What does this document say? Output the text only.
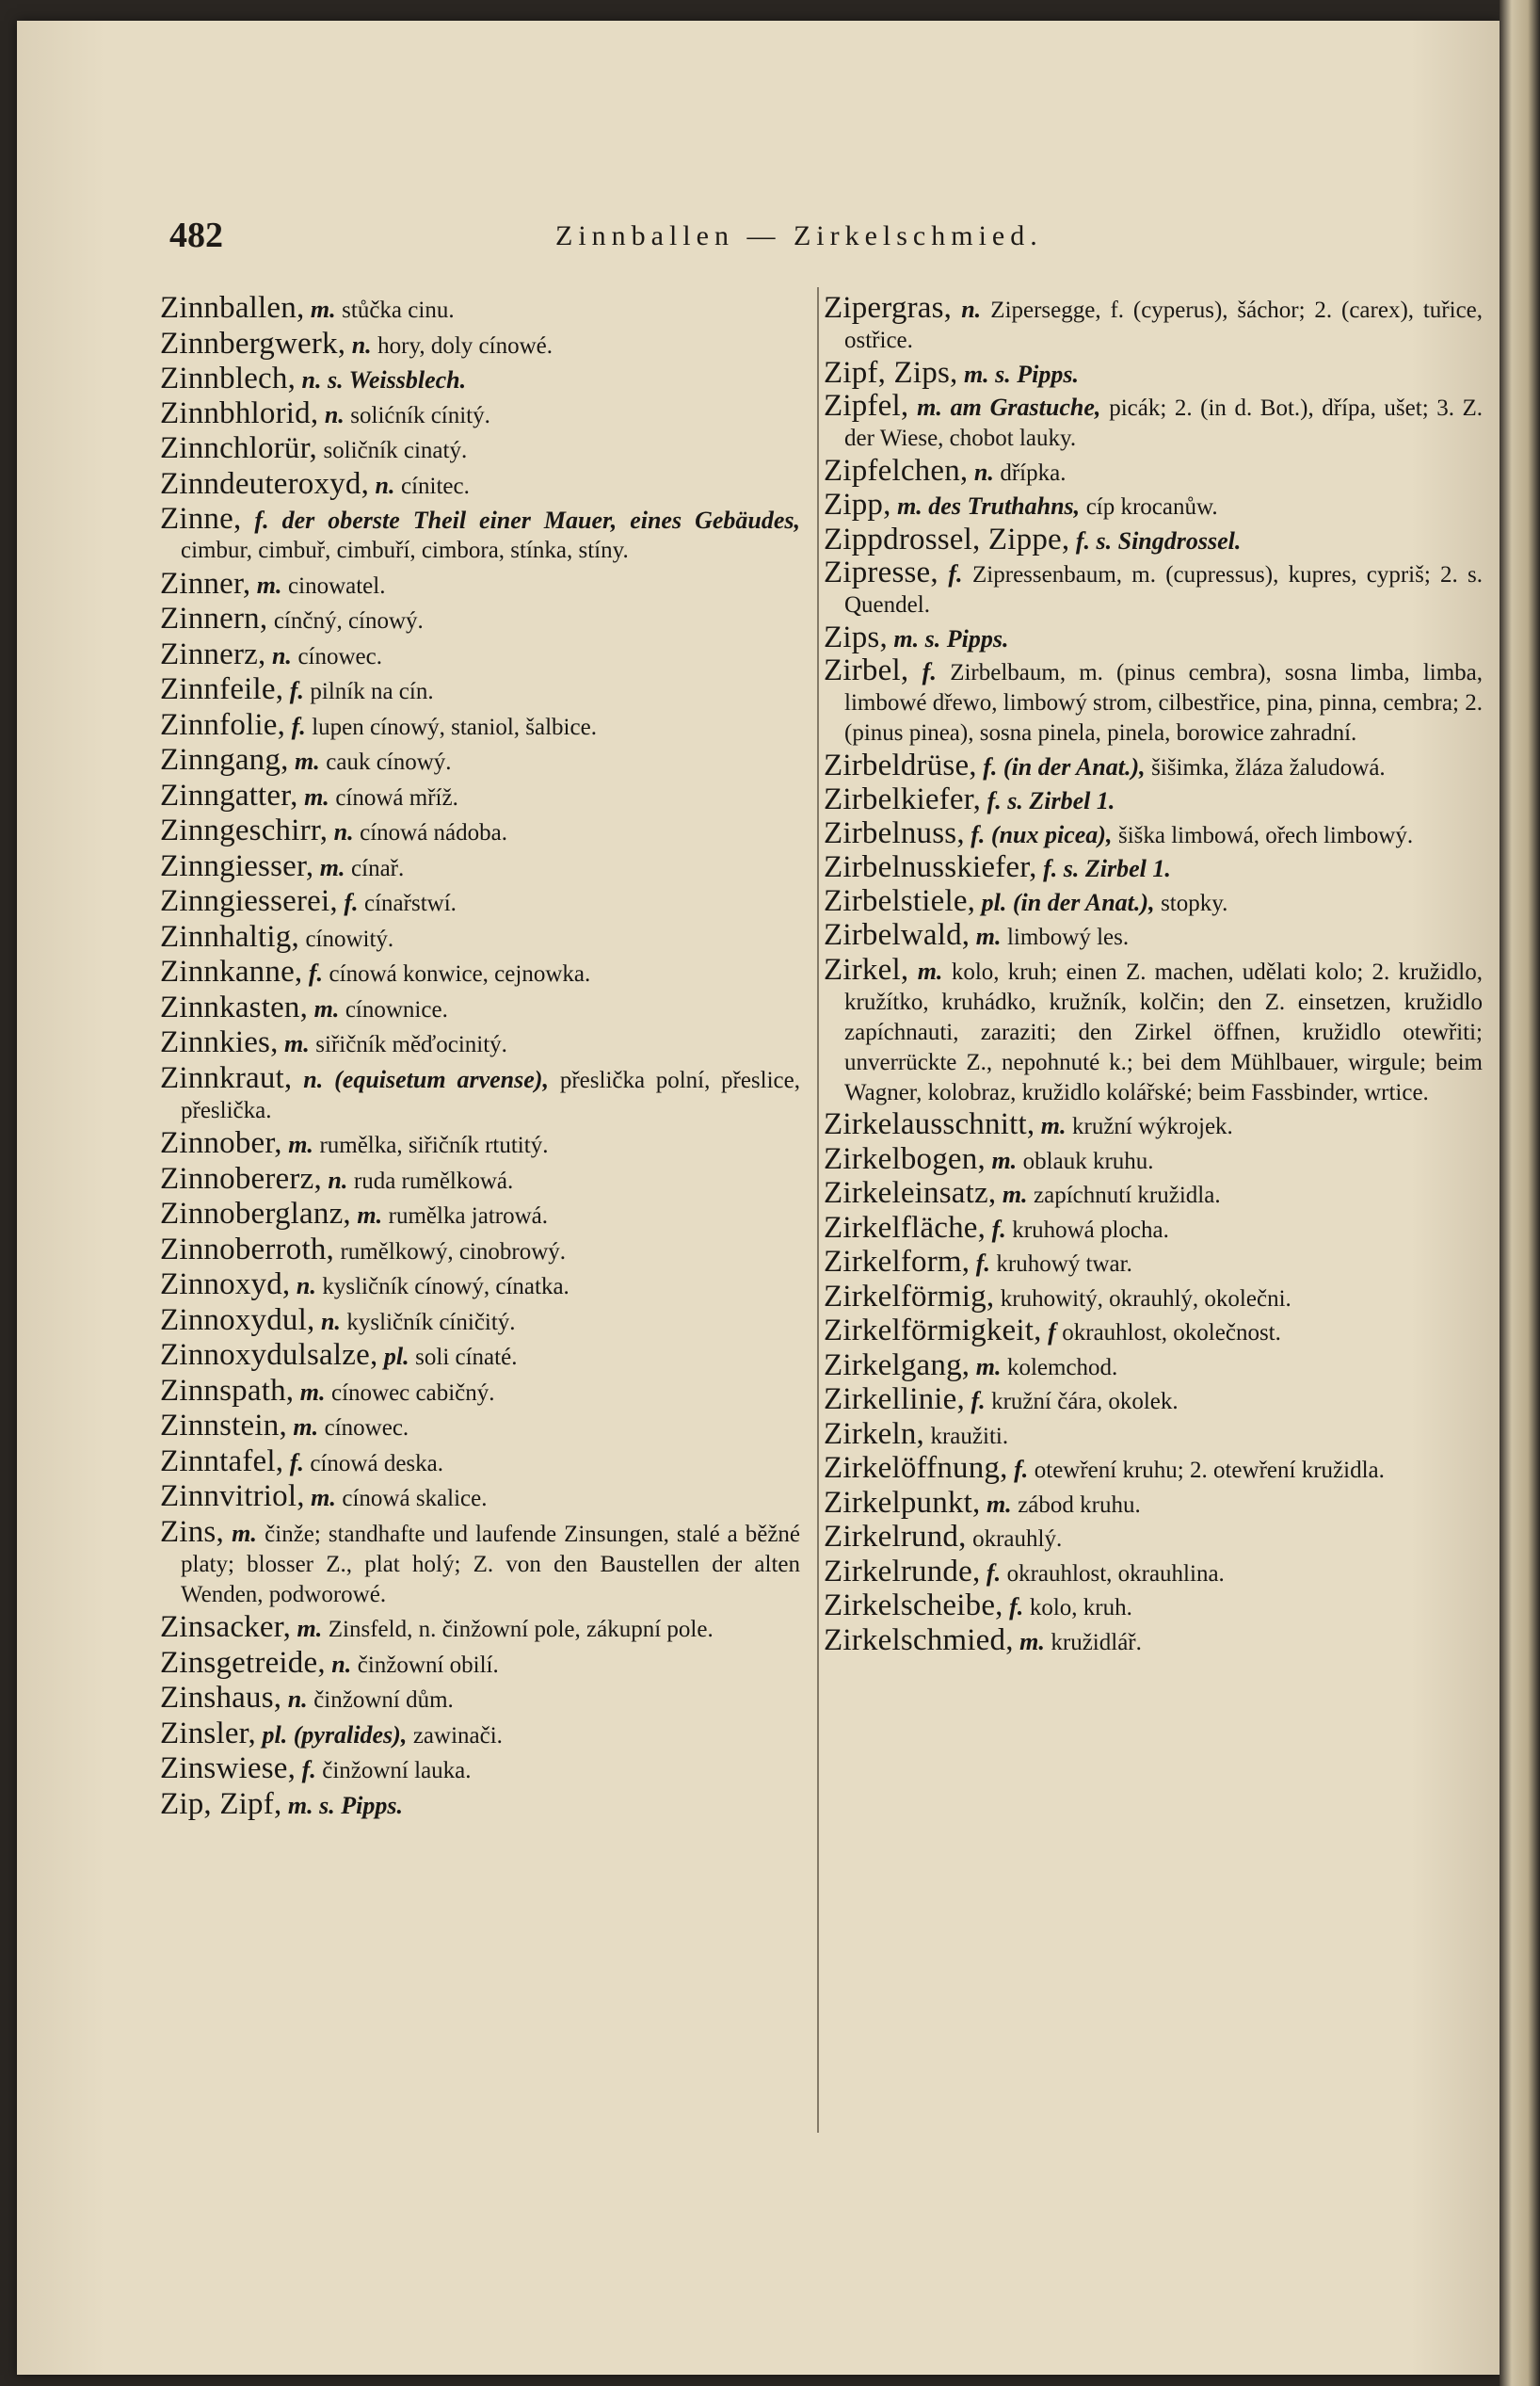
482	Zinnballen — Zirkelschmied.

Zinnballen, m. stůčka cinu.

Zinnbergwerk, n. hory, doly cínowé.

Zinnblech, n. s. Weissblech.

Zinnbhlorid, n. solićník cínitý.

Zinnchlorür, soličník cinatý.

Zinndeuteroxyd, n. cínitec.

Zinne, f. der oberste Theil einer Mauer, eines Gebäudes, cimbur, cimbuř, cimbuří, cimbora, stínka, stíny.

Zinner, m. cinowatel.

Zinnern, cínčný, cínowý.

Zinnerz, n. cínowec.

Zinnfeile, f. pilník na cín.

Zinnfolie, f. lupen cínowý, staniol, šalbice.

Zinngang, m. cauk cínowý.

Zinngatter, m. cínowá mříž.

Zinngeschirr, n. cínowá nádoba.

Zinngiesser, m. cínař.

Zinngiesserei, f. cínařstwí.

Zinnhaltig, cínowitý.

Zinnkanne, f. cínowá konwice, cejnowka.

Zinnkasten, m. cínownice.

Zinnkies, m. siřičník měďocinitý.

Zinnkraut, n. (equisetum arvense), přeslička polní, přeslice, přeslička.

Zinnober, m. rumělka, siřičník rtutitý.

Zinnobererz, n. ruda rumělkowá.

Zinnoberglanz, m. rumělka jatrowá.

Zinnoberroth, rumělkowý, cinobrowý.

Zinnoxyd, n. kysličník cínowý, cínatka.

Zinnoxydul, n. kysličník cíničitý.

Zinnoxydulsalze, pl. soli cínaté.

Zinnspath, m. cínowec cabičný.

Zinnstein, m. cínowec.

Zinntafel, f. cínowá deska.

Zinnvitriol, m. cínowá skalice.

Zins, m. činže; standhafte und laufende Zinsungen, stalé a běžné platy; blosser Z., plat holý; Z. von den Baustellen der alten Wenden, podworowé.

Zinsacker, m. Zinsfeld, n. činžowní pole, zákupní pole.

Zinsgetreide, n. činžowní obilí.

Zinshaus, n. činžowní dům.

Zinsler, pl. (pyralides), zawinači.

Zinswiese, f. činžowní lauka.

Zip, Zipf, m. s. Pipps.

Zipergras, n. Zipersegge, f. (cyperus), šáchor; 2. (carex), tuřice, ostřice.

Zipf, Zips, m. s. Pipps.

Zipfel, m. am Grastuche, picák; 2. (in d. Bot.), dřípa, ušet; 3. Z. der Wiese, chobot lauky.

Zipfelchen, n. dřípka.

Zipp, m. des Truthahns, cíp krocanůw.

Zippdrossel, Zippe, f. s. Singdrossel.

Zipresse, f. Zipressenbaum, m. (cupressus), kupres, cypriš; 2. s. Quendel.

Zips, m. s. Pipps.

Zirbel, f. Zirbelbaum, m. (pinus cembra), sosna limba, limba, limbowé dřewo, limbowý strom, cilbestřice, pina, pinna, cembra; 2. (pinus pinea), sosna pinela, pinela, borowice zahradní.

Zirbeldrüse, f. (in der Anat.), šišimka, žláza žaludowá.

Zirbelkiefer, f. s. Zirbel 1.

Zirbelnuss, f. (nux picea), šiška limbowá, ořech limbowý.

Zirbelnusskiefer, f. s. Zirbel 1.

Zirbelstiele, pl. (in der Anat.), stopky.

Zirbelwald, m. limbowý les.

Zirkel, m. kolo, kruh; einen Z. machen, udělati kolo; 2. kružidlo, kružítko, kruhádko, kružník, kolčin; den Z. einsetzen, kružidlo zapíchnauti, zaraziti; den Zirkel öffnen, kružidlo otewřiti; unverrückte Z., nepohnuté k.; bei dem Mühlbauer, wirgule; beim Wagner, kolobraz, kružidlo kolářské; beim Fassbinder, wrtice.

Zirkelausschnitt, m. kružní wýkrojek.

Zirkelbogen, m. oblauk kruhu.

Zirkeleinsatz, m. zapíchnutí kružidla.

Zirkelfläche, f. kruhowá plocha.

Zirkelform, f. kruhowý twar.

Zirkelförmig, kruhowitý, okrauhlý, okolečni.

Zirkelförmigkeit, f okrauhlost, okolečnost.

Zirkelgang, m. kolemchod.

Zirkellinie, f. kružní čára, okolek.

Zirkeln, kraužiti.

Zirkelöffnung, f. otewření kruhu; 2. otewření kružidla.

Zirkelpunkt, m. zábod kruhu.

Zirkelrund, okrauhlý.

Zirkelrunde, f. okrauhlost, okrauhlina.

Zirkelscheibe, f. kolo, kruh.

Zirkelschmied, m. kružidlář.
